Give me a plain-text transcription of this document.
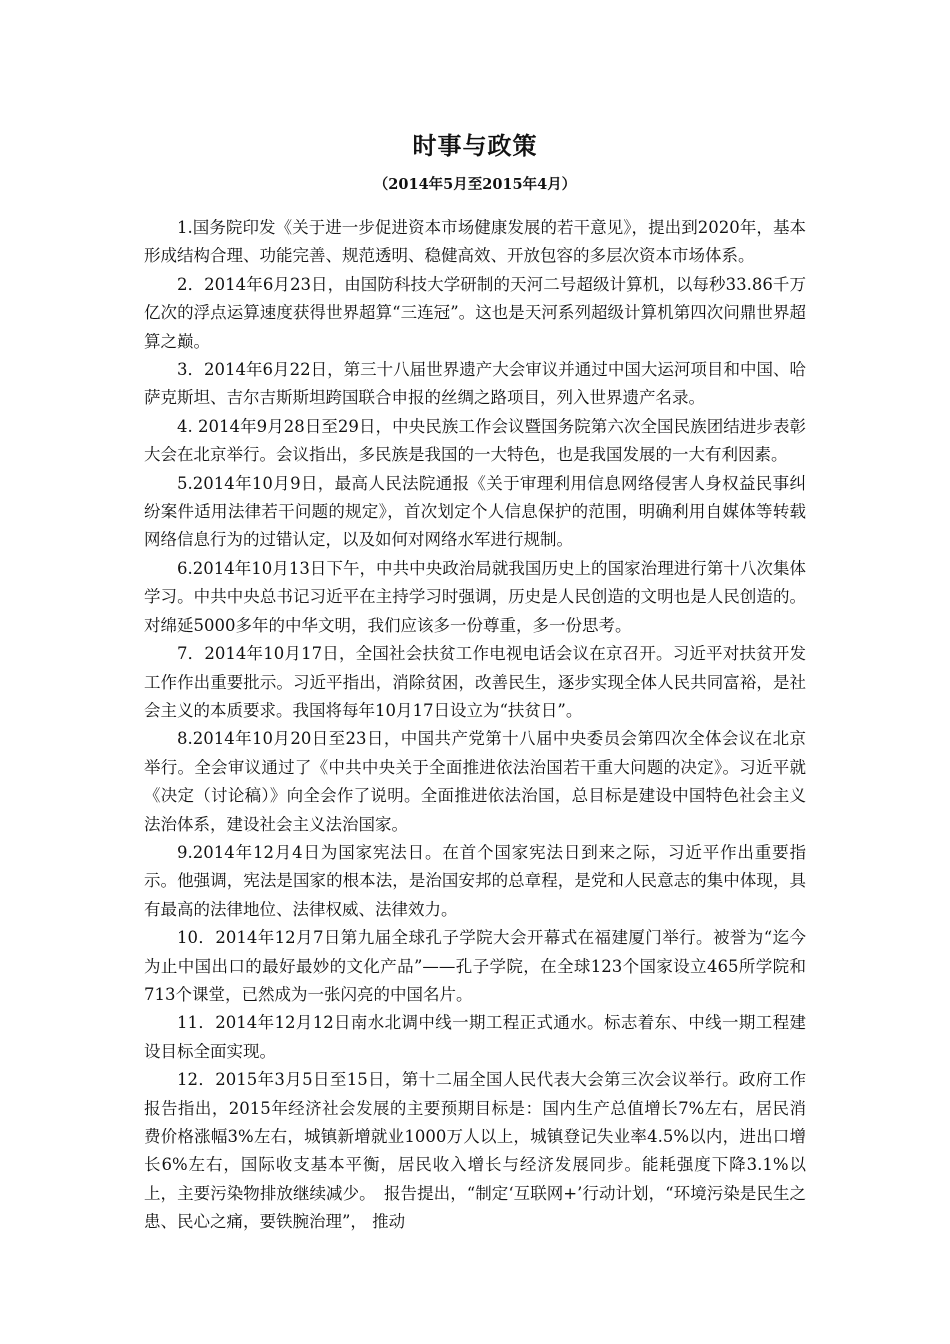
时事与政策
（2014年5月至2015年4月）

1.国务院印发《关于进一步促进资本市场健康发展的若干意见》，提出到2020年，基本形成结构合理、功能完善、规范透明、稳健高效、开放包容的多层次资本市场体系。

2．2014年6月23日，由国防科技大学研制的天河二号超级计算机，以每秒33.86千万亿次的浮点运算速度获得世界超算“三连冠”。这也是天河系列超级计算机第四次问鼎世界超算之巅。

3．2014年6月22日，第三十八届世界遗产大会审议并通过中国大运河项目和中国、哈萨克斯坦、吉尔吉斯斯坦跨国联合申报的丝绸之路项目，列入世界遗产名录。

4. 2014年9月28日至29日，中央民族工作会议暨国务院第六次全国民族团结进步表彰大会在北京举行。会议指出，多民族是我国的一大特色，也是我国发展的一大有利因素。

5.2014年10月9日，最高人民法院通报《关于审理利用信息网络侵害人身权益民事纠纷案件适用法律若干问题的规定》，首次划定个人信息保护的范围，明确利用自媒体等转载网络信息行为的过错认定，以及如何对网络水军进行规制。

6.2014年10月13日下午，中共中央政治局就我国历史上的国家治理进行第十八次集体学习。中共中央总书记习近平在主持学习时强调，历史是人民创造的文明也是人民创造的。对绵延5000多年的中华文明，我们应该多一份尊重，多一份思考。

7．2014年10月17日，全国社会扶贫工作电视电话会议在京召开。习近平对扶贫开发工作作出重要批示。习近平指出，消除贫困，改善民生，逐步实现全体人民共同富裕，是社会主义的本质要求。我国将每年10月17日设立为“扶贫日”。

8.2014年10月20日至23日，中国共产党第十八届中央委员会第四次全体会议在北京举行。全会审议通过了《中共中央关于全面推进依法治国若干重大问题的决定》。习近平就《决定（讨论稿）》向全会作了说明。全面推进依法治国，总目标是建设中国特色社会主义法治体系，建设社会主义法治国家。

9.2014年12月4日为国家宪法日。在首个国家宪法日到来之际，习近平作出重要指示。他强调，宪法是国家的根本法，是治国安邦的总章程，是党和人民意志的集中体现，具有最高的法律地位、法律权威、法律效力。

10．2014年12月7日第九届全球孔子学院大会开幕式在福建厦门举行。被誉为“迄今为止中国出口的最好最妙的文化产品”——孔子学院，在全球123个国家设立465所学院和713个课堂，已然成为一张闪亮的中国名片。

11．2014年12月12日南水北调中线一期工程正式通水。标志着东、中线一期工程建设目标全面实现。

12．2015年3月5日至15日，第十二届全国人民代表大会第三次会议举行。政府工作报告指出，2015年经济社会发展的主要预期目标是：国内生产总值增长7%左右，居民消费价格涨幅3%左右，城镇新增就业1000万人以上，城镇登记失业率4.5%以内，进出口增长6%左右，国际收支基本平衡，居民收入增长与经济发展同步。能耗强度下降3.1%以上，主要污染物排放继续减少。　报告提出，“制定‘互联网+’行动计划，“环境污染是民生之患、民心之痛，要铁腕治理”， 推动
